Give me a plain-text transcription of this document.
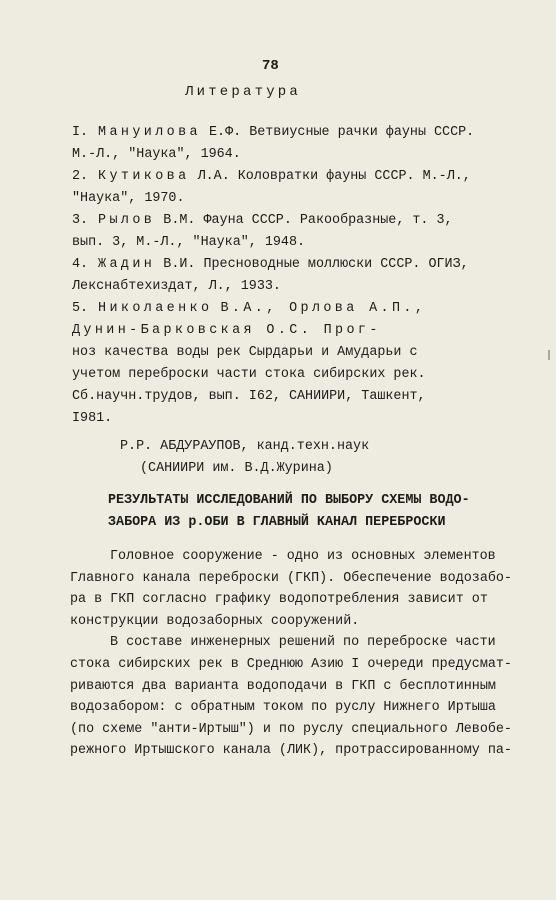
78
Литература
I. Мануилова Е.Ф. Ветвиусные рачки фауны СССР.
М.-Л., "Наука", 1964.
2. Кутикова Л.А. Коловратки фауны СССР. М.-Л.,
"Наука", 1970.
3. Рылов В.М. Фауна СССР. Ракообразные, т. 3,
вып. 3, М.-Л., "Наука", 1948.
4. Жадин В.И. Пресноводные моллюски СССР. ОГИЗ,
Лекснабтехиздат, Л., 1933.
5. Николаенко В.А., Орлова А.П.,
Дунин-Барковская О.С. Прог-
ноз качества воды рек Сырдарьи и Амударьи с
учетом переброски части стока сибирских рек.
Сб.научн.трудов, вып. I62, САНИИРИ, Ташкент,
I981.
Р.Р. АБДУРАУПОВ, канд.техн.наук
(САНИИРИ им. В.Д.Журина)
РЕЗУЛЬТАТЫ ИССЛЕДОВАНИЙ ПО ВЫБОРУ СХЕМЫ ВОДО-
ЗАБОРА ИЗ р.ОБИ В ГЛАВНЫЙ КАНАЛ ПЕРЕБРОСКИ
Головное сооружение - одно из основных элементов
Главного канала переброски (ГКП). Обеспечение водозабо-
ра в ГКП согласно графику водопотребления зависит от
конструкции водозаборных сооружений.
В составе инженерных решений по переброске части
стока сибирских рек в Среднюю Азию I очереди предусмат-
риваются два варианта водоподачи в ГКП с бесплотинным
водозабором: с обратным током по руслу Нижнего Иртыша
(по схеме "анти-Иртыш") и по руслу специального Левобе-
режного Иртышского канала (ЛИК), протрассированному па-
